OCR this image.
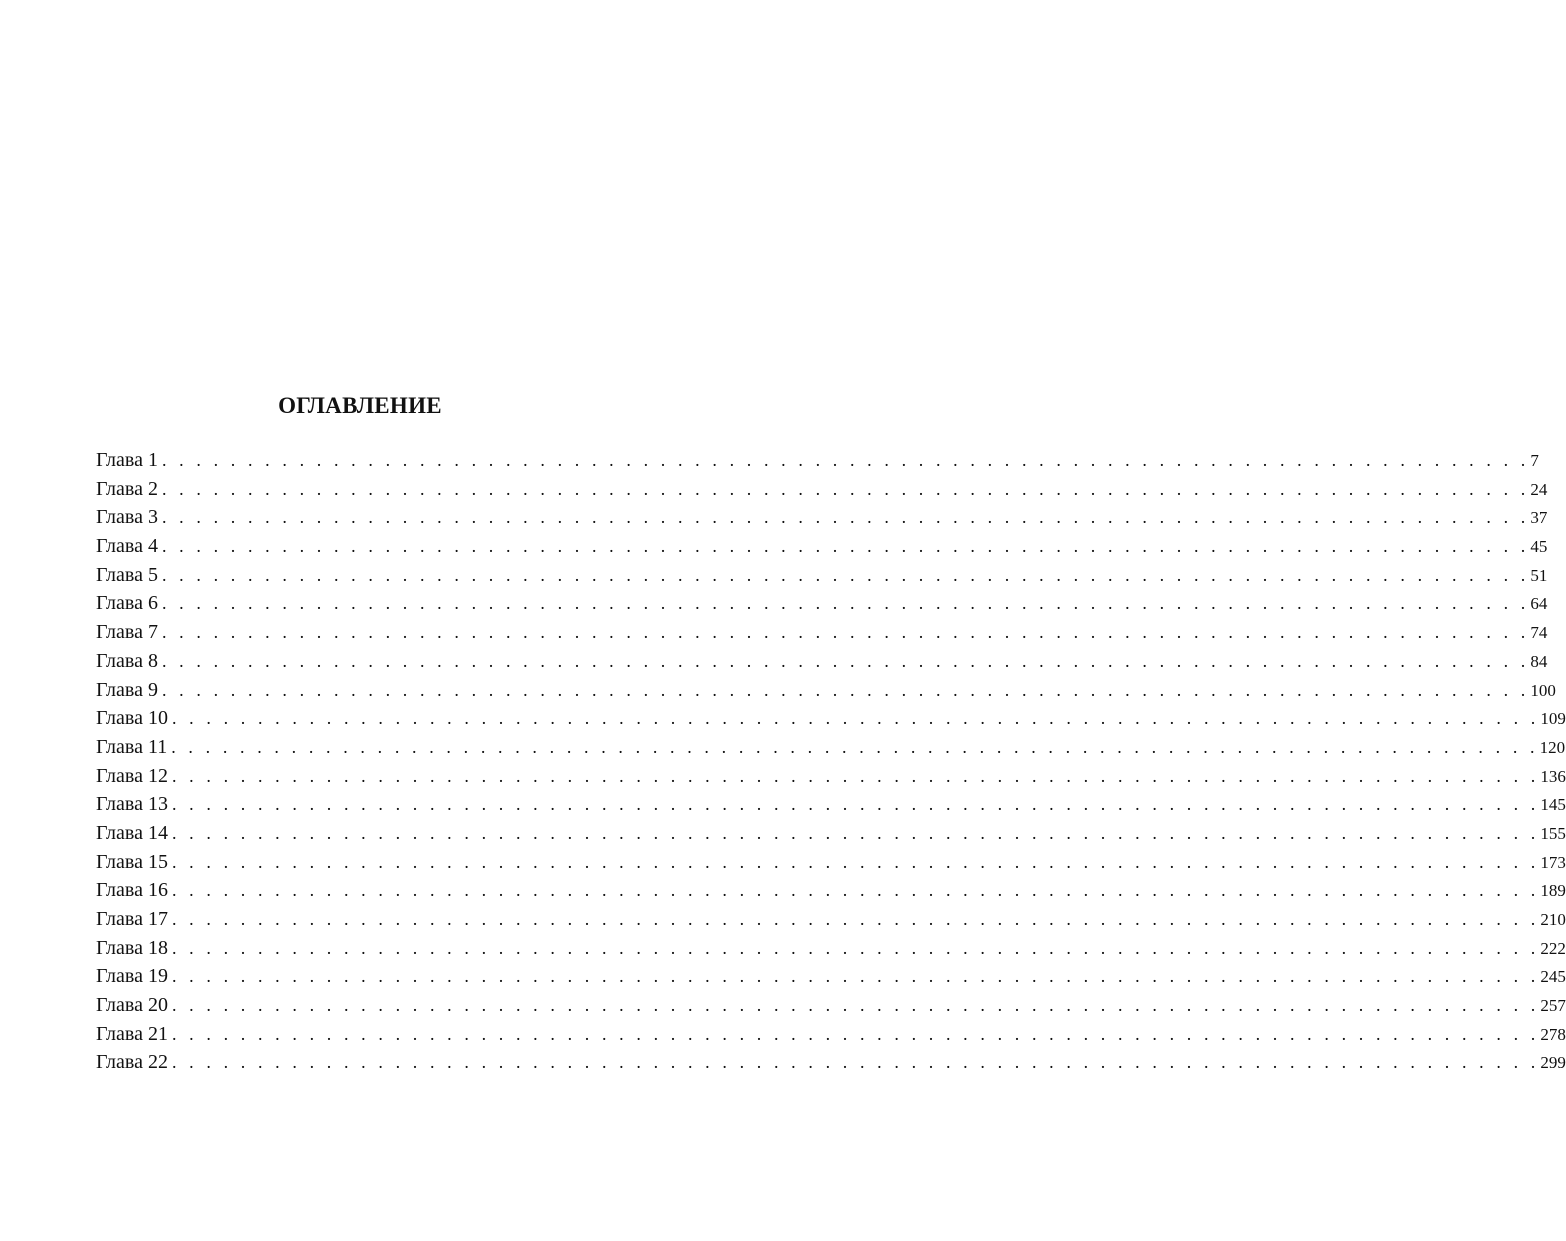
ОГЛАВЛЕНИЕ
Глава 1 . . . . . . . . . . . . . . . . . . . . . . . . . . . . . . . . . . . . . . . . . . . . . . . . . . . . . . . . . . . . . . . . . . . . . . . . . . . . . . . . 7
Глава 2 . . . . . . . . . . . . . . . . . . . . . . . . . . . . . . . . . . . . . . . . . . . . . . . . . . . . . . . . . . . . . . . . . . . . . . . . . . . . . . . . 24
Глава 3 . . . . . . . . . . . . . . . . . . . . . . . . . . . . . . . . . . . . . . . . . . . . . . . . . . . . . . . . . . . . . . . . . . . . . . . . . . . . . . . . 37
Глава 4 . . . . . . . . . . . . . . . . . . . . . . . . . . . . . . . . . . . . . . . . . . . . . . . . . . . . . . . . . . . . . . . . . . . . . . . . . . . . . . . . 45
Глава 5 . . . . . . . . . . . . . . . . . . . . . . . . . . . . . . . . . . . . . . . . . . . . . . . . . . . . . . . . . . . . . . . . . . . . . . . . . . . . . . . . 51
Глава 6 . . . . . . . . . . . . . . . . . . . . . . . . . . . . . . . . . . . . . . . . . . . . . . . . . . . . . . . . . . . . . . . . . . . . . . . . . . . . . . . . 64
Глава 7 . . . . . . . . . . . . . . . . . . . . . . . . . . . . . . . . . . . . . . . . . . . . . . . . . . . . . . . . . . . . . . . . . . . . . . . . . . . . . . . . 74
Глава 8 . . . . . . . . . . . . . . . . . . . . . . . . . . . . . . . . . . . . . . . . . . . . . . . . . . . . . . . . . . . . . . . . . . . . . . . . . . . . . . . . 84
Глава 9 . . . . . . . . . . . . . . . . . . . . . . . . . . . . . . . . . . . . . . . . . . . . . . . . . . . . . . . . . . . . . . . . . . . . . . . . . . . . . . . . 100
Глава 10 . . . . . . . . . . . . . . . . . . . . . . . . . . . . . . . . . . . . . . . . . . . . . . . . . . . . . . . . . . . . . . . . . . . . . . . . . . . . . . . . 109
Глава 11 . . . . . . . . . . . . . . . . . . . . . . . . . . . . . . . . . . . . . . . . . . . . . . . . . . . . . . . . . . . . . . . . . . . . . . . . . . . . . . . . 120
Глава 12 . . . . . . . . . . . . . . . . . . . . . . . . . . . . . . . . . . . . . . . . . . . . . . . . . . . . . . . . . . . . . . . . . . . . . . . . . . . . . . . . 136
Глава 13 . . . . . . . . . . . . . . . . . . . . . . . . . . . . . . . . . . . . . . . . . . . . . . . . . . . . . . . . . . . . . . . . . . . . . . . . . . . . . . . . 145
Глава 14 . . . . . . . . . . . . . . . . . . . . . . . . . . . . . . . . . . . . . . . . . . . . . . . . . . . . . . . . . . . . . . . . . . . . . . . . . . . . . . . . 155
Глава 15 . . . . . . . . . . . . . . . . . . . . . . . . . . . . . . . . . . . . . . . . . . . . . . . . . . . . . . . . . . . . . . . . . . . . . . . . . . . . . . . . 173
Глава 16 . . . . . . . . . . . . . . . . . . . . . . . . . . . . . . . . . . . . . . . . . . . . . . . . . . . . . . . . . . . . . . . . . . . . . . . . . . . . . . . . 189
Глава 17 . . . . . . . . . . . . . . . . . . . . . . . . . . . . . . . . . . . . . . . . . . . . . . . . . . . . . . . . . . . . . . . . . . . . . . . . . . . . . . . . 210
Глава 18 . . . . . . . . . . . . . . . . . . . . . . . . . . . . . . . . . . . . . . . . . . . . . . . . . . . . . . . . . . . . . . . . . . . . . . . . . . . . . . . . 222
Глава 19 . . . . . . . . . . . . . . . . . . . . . . . . . . . . . . . . . . . . . . . . . . . . . . . . . . . . . . . . . . . . . . . . . . . . . . . . . . . . . . . . 245
Глава 20 . . . . . . . . . . . . . . . . . . . . . . . . . . . . . . . . . . . . . . . . . . . . . . . . . . . . . . . . . . . . . . . . . . . . . . . . . . . . . . . . 257
Глава 21 . . . . . . . . . . . . . . . . . . . . . . . . . . . . . . . . . . . . . . . . . . . . . . . . . . . . . . . . . . . . . . . . . . . . . . . . . . . . . . . . 278
Глава 22 . . . . . . . . . . . . . . . . . . . . . . . . . . . . . . . . . . . . . . . . . . . . . . . . . . . . . . . . . . . . . . . . . . . . . . . . . . . . . . . . 299
